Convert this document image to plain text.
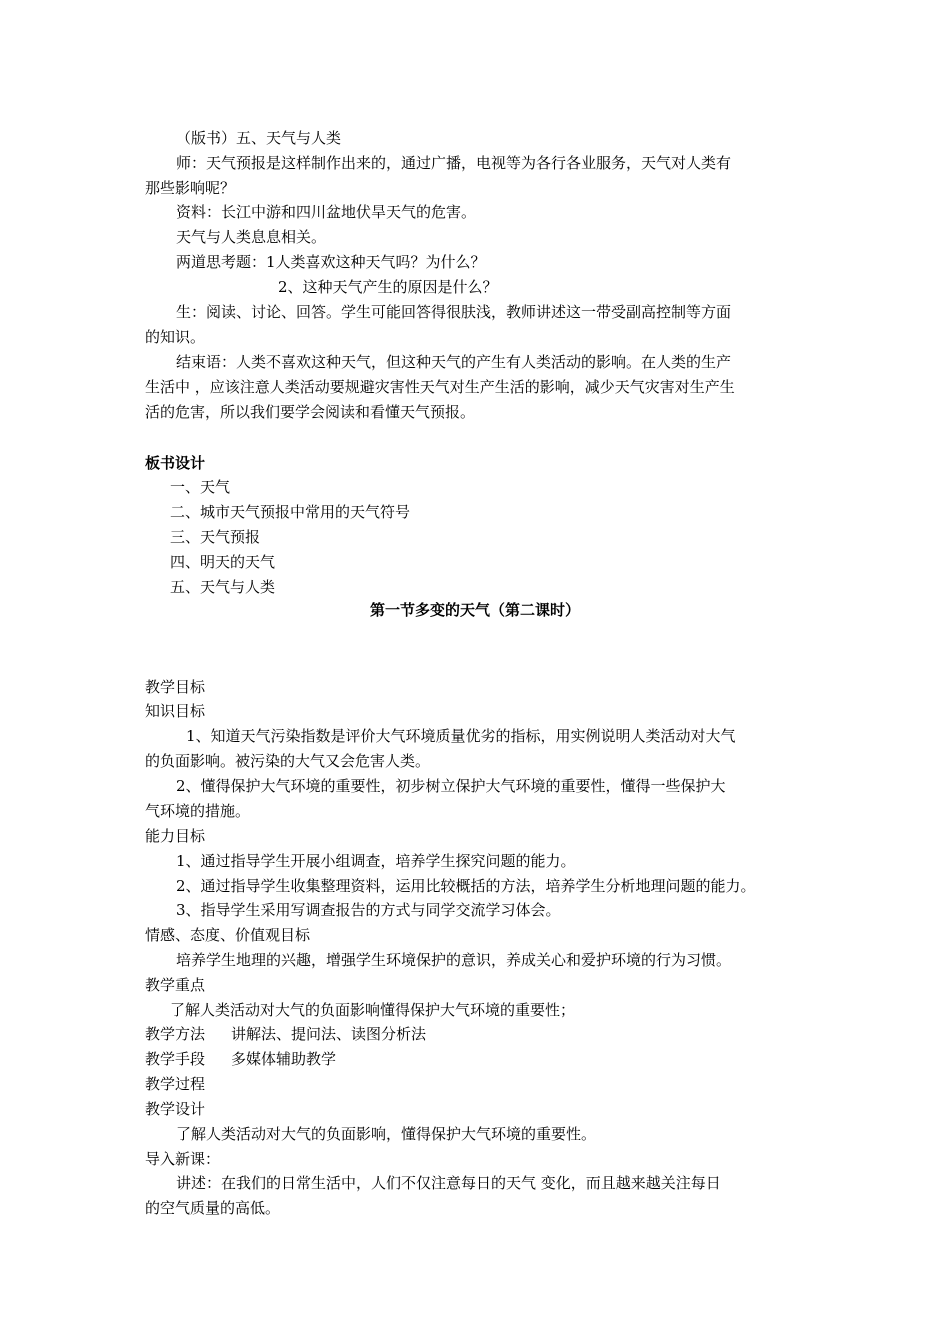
（版书）五、天气与人类
师：天气预报是这样制作出来的，通过广播，电视等为各行各业服务，天气对人类有
那些影响呢？
资料：长江中游和四川盆地伏旱天气的危害。
天气与人类息息相关。
两道思考题：1人类喜欢这种天气吗？为什么？
2、这种天气产生的原因是什么？
生：阅读、讨论、回答。学生可能回答得很肤浅，教师讲述这一带受副高控制等方面
的知识。
结束语：人类不喜欢这种天气，但这种天气的产生有人类活动的影响。在人类的生产
生活中 ，应该注意人类活动要规避灾害性天气对生产生活的影响，减少天气灾害对生产生
活的危害，所以我们要学会阅读和看懂天气预报。
板书设计
一、天气
二、城市天气预报中常用的天气符号
三、天气预报
四、明天的天气
五、天气与人类
第一节多变的天气（第二课时）
教学目标
知识目标
1、知道天气污染指数是评价大气环境质量优劣的指标，用实例说明人类活动对大气
的负面影响。被污染的大气又会危害人类。
2、懂得保护大气环境的重要性，初步树立保护大气环境的重要性，懂得一些保护大
气环境的措施。
能力目标
1、通过指导学生开展小组调查，培养学生探究问题的能力。
2、通过指导学生收集整理资料，运用比较概括的方法，培养学生分析地理问题的能力。
3、指导学生采用写调查报告的方式与同学交流学习体会。
情感、态度、价值观目标
培养学生地理的兴趣，增强学生环境保护的意识，养成关心和爱护环境的行为习惯。
教学重点
了解人类活动对大气的负面影响懂得保护大气环境的重要性；
教学方法 讲解法、提问法、读图分析法
教学手段 多媒体辅助教学
教学过程
教学设计
了解人类活动对大气的负面影响，懂得保护大气环境的重要性。
导入新课：
讲述：在我们的日常生活中，人们不仅注意每日的天气 变化，而且越来越关注每日
的空气质量的高低。
